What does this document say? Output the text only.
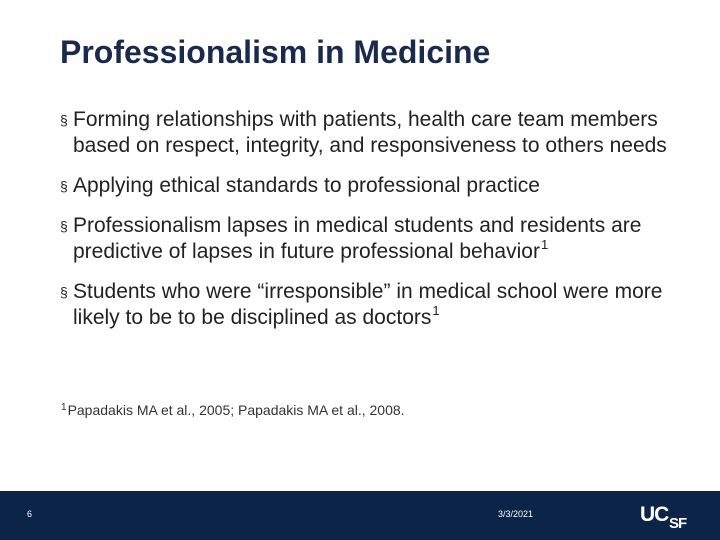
Professionalism in Medicine
§ Forming relationships with patients, health care team members based on respect, integrity, and responsiveness to others needs
§ Applying ethical standards to professional practice
§ Professionalism lapses in medical students and residents are predictive of lapses in future professional behavior$^1$
§ Students who were “irresponsible” in medical school were more likely to be to be disciplined as doctors$^1$
$^1$Papadakis MA et al., 2005; Papadakis MA et al., 2008.
6	3/3/2021	UC SF
